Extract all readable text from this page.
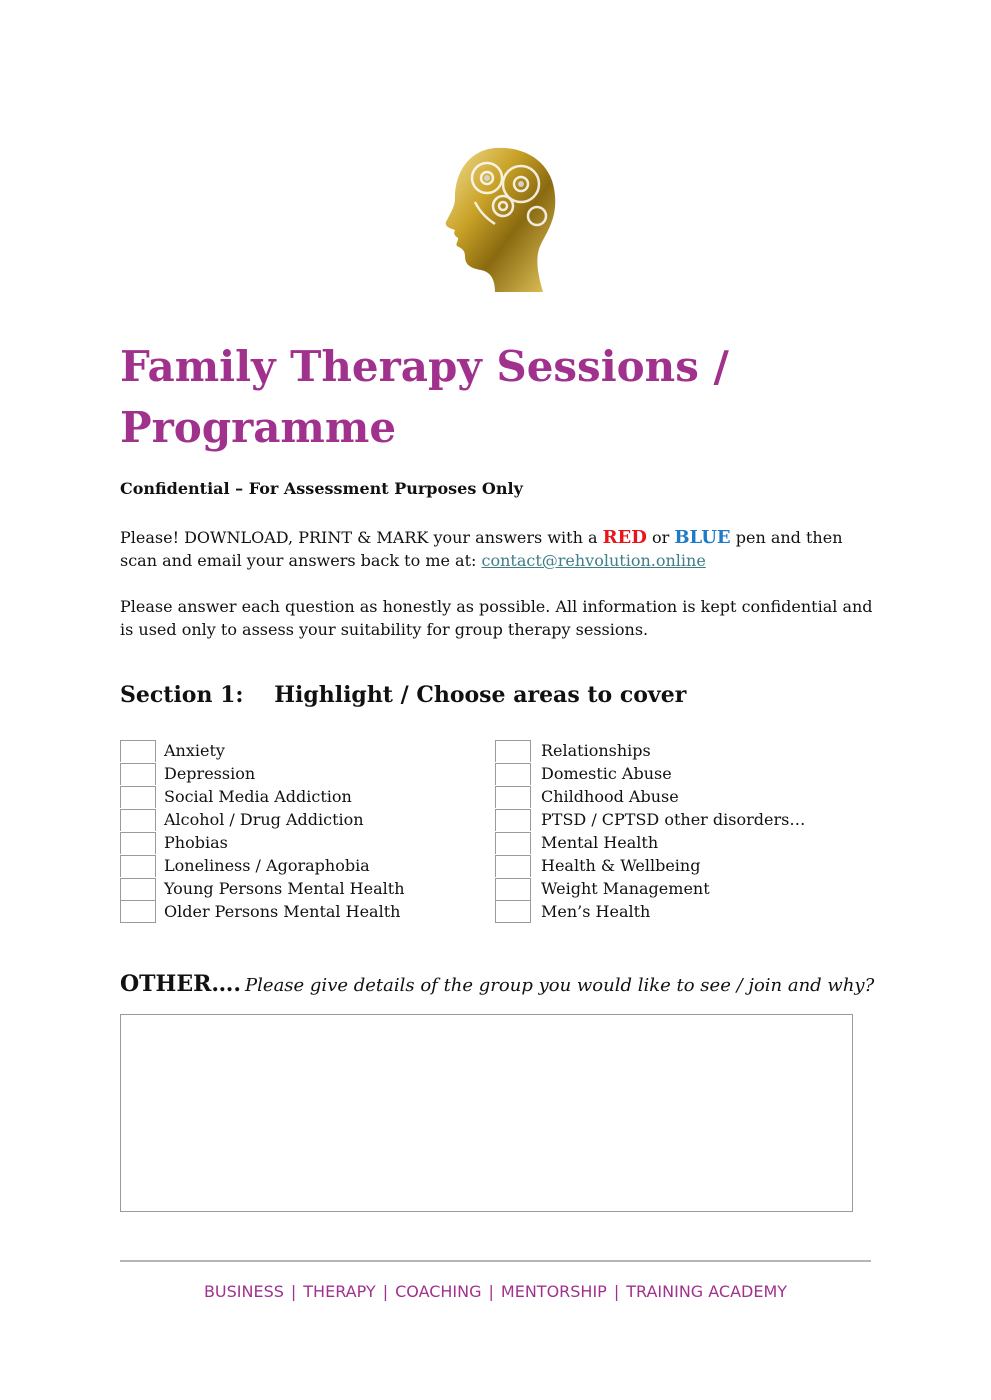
Family Therapy Sessions / Programme
Confidential – For Assessment Purposes Only

Please! DOWNLOAD, PRINT & MARK your answers with a RED or BLUE pen and then scan and email your answers back to me at: contact@rehvolution.online

Please answer each question as honestly as possible. All information is kept confidential and is used only to assess your suitability for group therapy sessions.

Section 1:    Highlight / Choose areas to cover
Anxiety
Depression
Social Media Addiction
Alcohol / Drug Addiction
Phobias
Loneliness / Agoraphobia
Young Persons Mental Health
Older Persons Mental Health
Relationships
Domestic Abuse
Childhood Abuse
PTSD / CPTSD other disorders…
Mental Health
Health & Wellbeing
Weight Management
Men’s Health
OTHER…. Please give details of the group you would like to see / join and why?
BUSINESS | THERAPY | COACHING | MENTORSHIP | TRAINING ACADEMY
